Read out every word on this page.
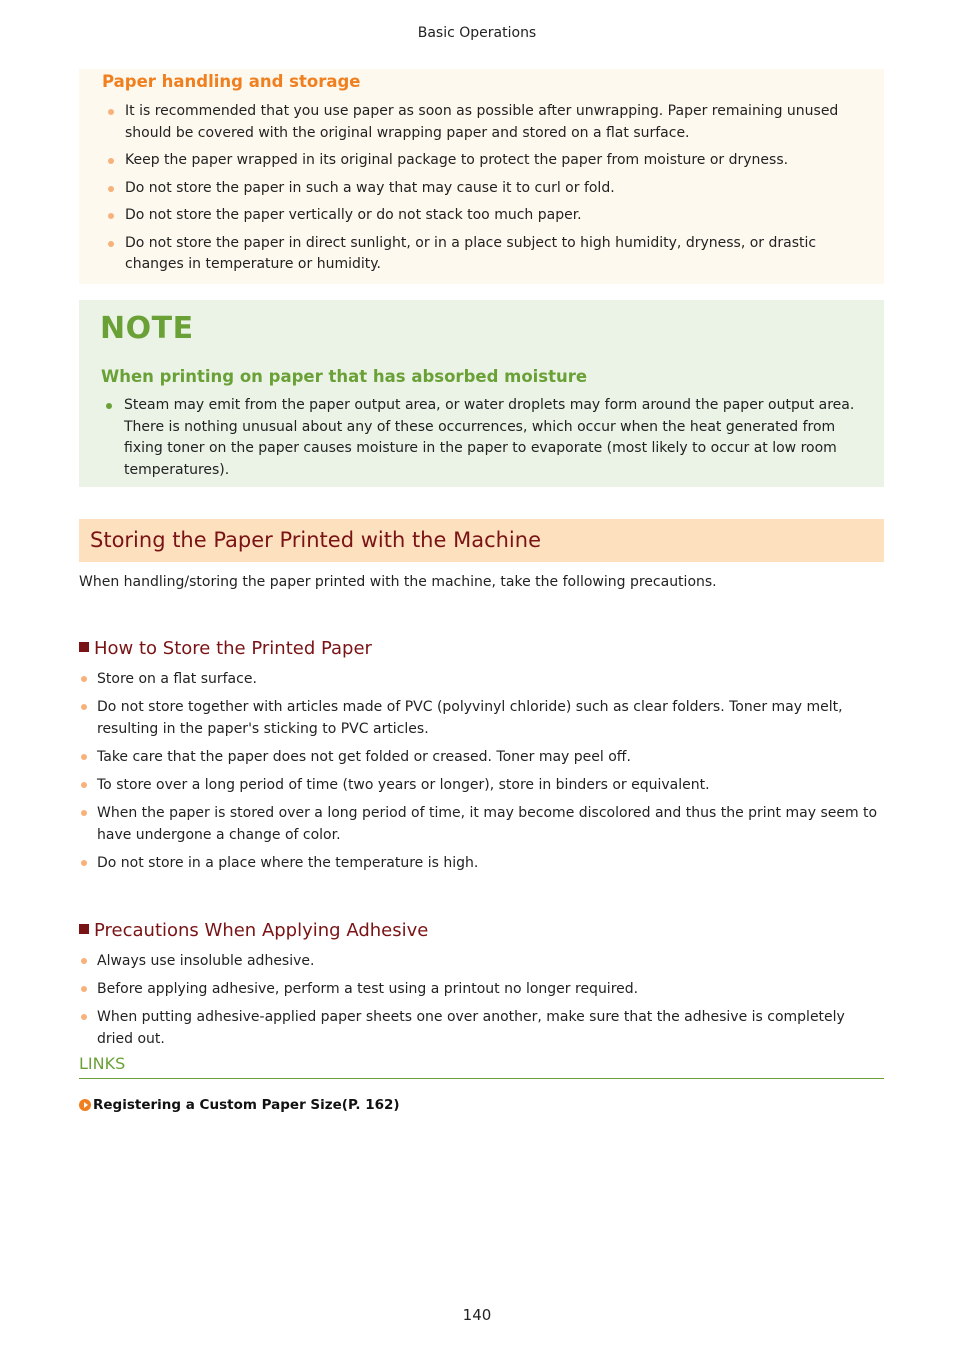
Basic Operations
Paper handling and storage
It is recommended that you use paper as soon as possible after unwrapping. Paper remaining unused should be covered with the original wrapping paper and stored on a flat surface.
Keep the paper wrapped in its original package to protect the paper from moisture or dryness.
Do not store the paper in such a way that may cause it to curl or fold.
Do not store the paper vertically or do not stack too much paper.
Do not store the paper in direct sunlight, or in a place subject to high humidity, dryness, or drastic changes in temperature or humidity.
NOTE
When printing on paper that has absorbed moisture
Steam may emit from the paper output area, or water droplets may form around the paper output area. There is nothing unusual about any of these occurrences, which occur when the heat generated from fixing toner on the paper causes moisture in the paper to evaporate (most likely to occur at low room temperatures).
Storing the Paper Printed with the Machine
When handling/storing the paper printed with the machine, take the following precautions.
How to Store the Printed Paper
Store on a flat surface.
Do not store together with articles made of PVC (polyvinyl chloride) such as clear folders. Toner may melt, resulting in the paper's sticking to PVC articles.
Take care that the paper does not get folded or creased. Toner may peel off.
To store over a long period of time (two years or longer), store in binders or equivalent.
When the paper is stored over a long period of time, it may become discolored and thus the print may seem to have undergone a change of color.
Do not store in a place where the temperature is high.
Precautions When Applying Adhesive
Always use insoluble adhesive.
Before applying adhesive, perform a test using a printout no longer required.
When putting adhesive-applied paper sheets one over another, make sure that the adhesive is completely dried out.
LINKS
Registering a Custom Paper Size(P. 162)
140
